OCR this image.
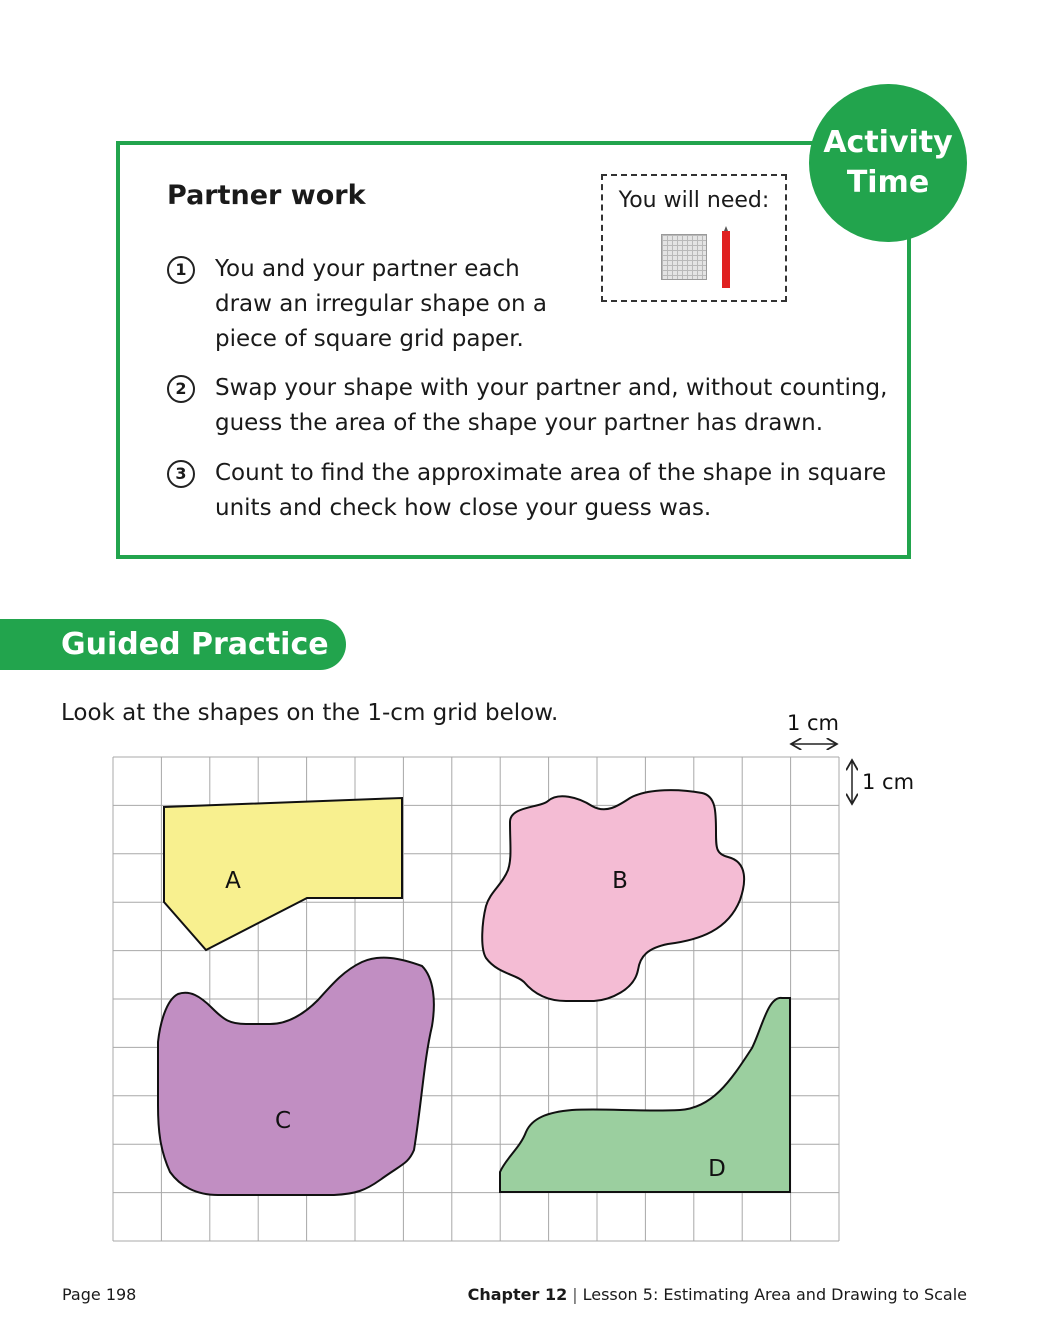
Activity
Time
Partner work	You will need:
1	You and your partner each
draw an irregular shape on a
piece of square grid paper.
2	Swap your shape with your partner and, without counting,
guess the area of the shape your partner has drawn.
3	Count to find the approximate area of the shape in square
units and check how close your guess was.
Guided Practice
Look at the shapes on the 1-cm grid below.
A	B
C
D
1 cm
1 cm
Page 198	Chapter 12 | Lesson 5: Estimating Area and Drawing to Scale
